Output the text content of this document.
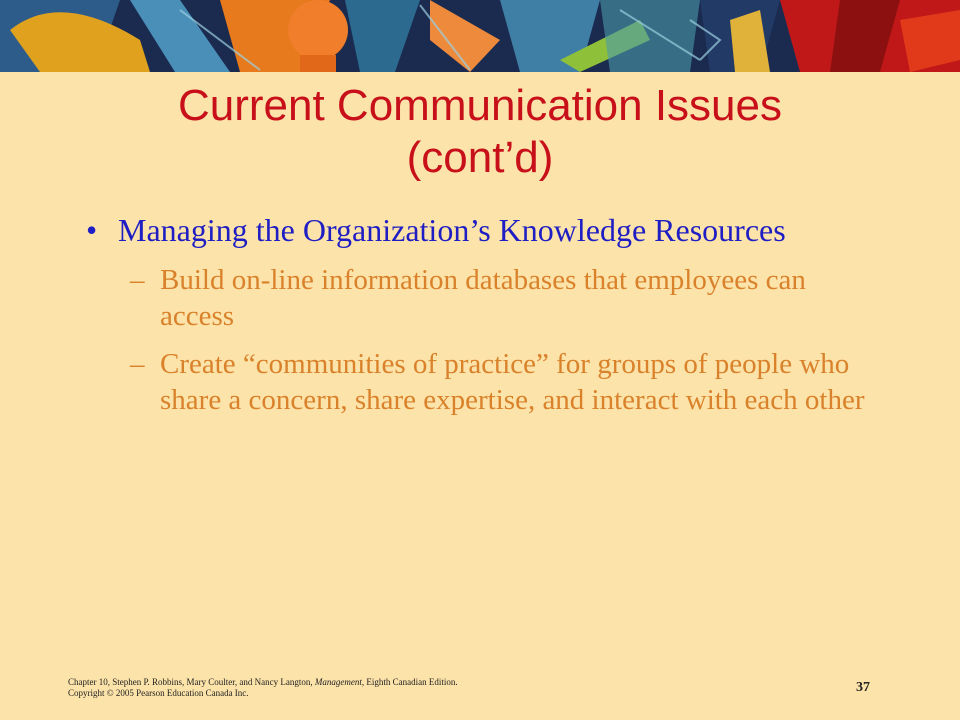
Current Communication Issues
(cont’d)
• Managing the Organization’s Knowledge Resources
– Build on-line information databases that employees can access
– Create “communities of practice” for groups of people who share a concern, share expertise, and interact with each other
Chapter 10, Stephen P. Robbins, Mary Coulter, and Nancy Langton, Management, Eighth Canadian Edition.
Copyright © 2005 Pearson Education Canada Inc.	37
